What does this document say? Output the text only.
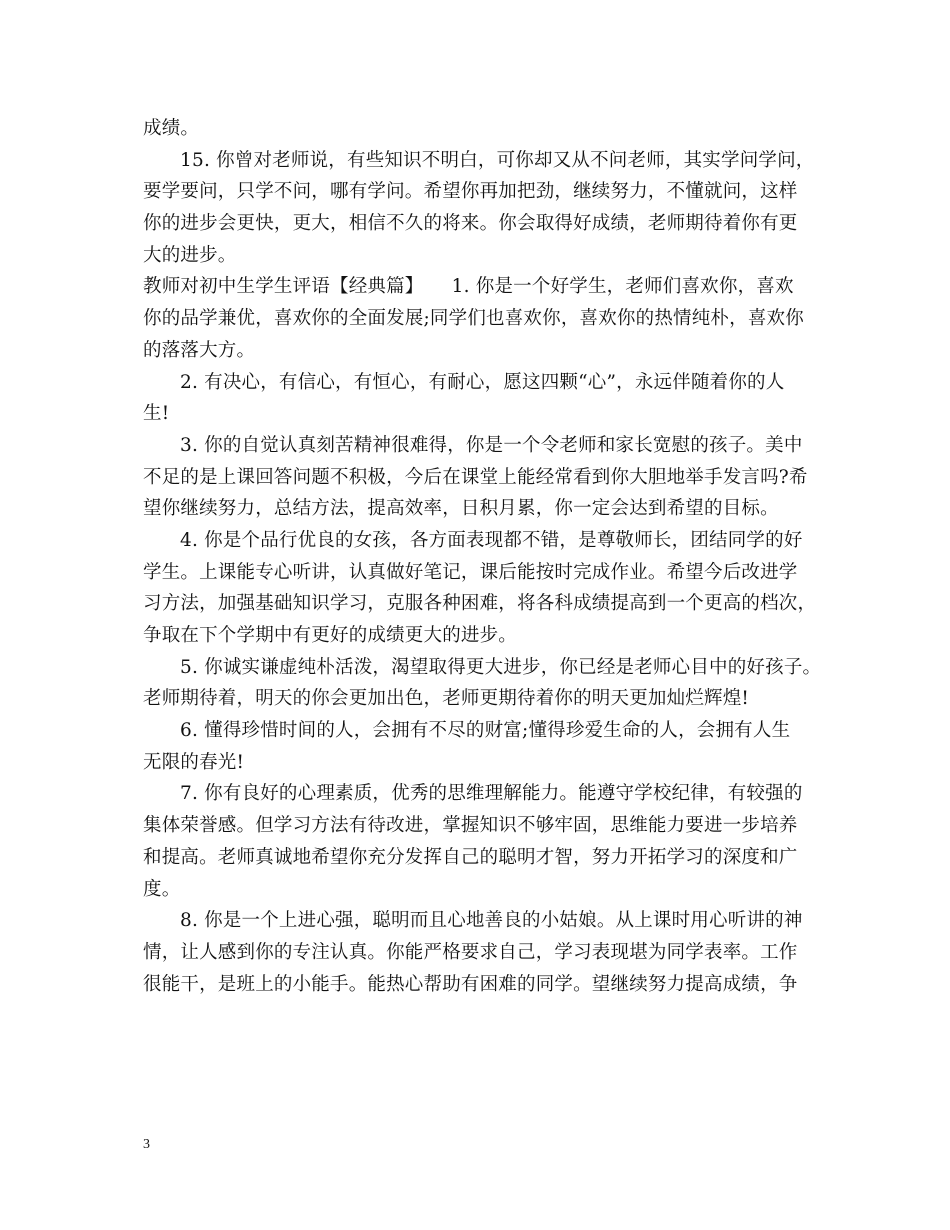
成绩。
15. 你曾对老师说，有些知识不明白，可你却又从不问老师，其实学问学问，
要学要问，只学不问，哪有学问。希望你再加把劲，继续努力，不懂就问，这样
你的进步会更快，更大，相信不久的将来。你会取得好成绩，老师期待着你有更
大的进步。
教师对初中生学生评语【经典篇】　　1. 你是一个好学生，老师们喜欢你，喜欢
你的品学兼优，喜欢你的全面发展;同学们也喜欢你，喜欢你的热情纯朴，喜欢你
的落落大方。
2. 有决心，有信心，有恒心，有耐心，愿这四颗“心”，永远伴随着你的人
生!
3. 你的自觉认真刻苦精神很难得，你是一个令老师和家长宽慰的孩子。美中
不足的是上课回答问题不积极，今后在课堂上能经常看到你大胆地举手发言吗?希
望你继续努力，总结方法，提高效率，日积月累，你一定会达到希望的目标。
4. 你是个品行优良的女孩，各方面表现都不错，是尊敬师长，团结同学的好
学生。上课能专心听讲，认真做好笔记，课后能按时完成作业。希望今后改进学
习方法，加强基础知识学习，克服各种困难，将各科成绩提高到一个更高的档次，
争取在下个学期中有更好的成绩更大的进步。
5. 你诚实谦虚纯朴活泼，渴望取得更大进步，你已经是老师心目中的好孩子。
老师期待着，明天的你会更加出色，老师更期待着你的明天更加灿烂辉煌!
6. 懂得珍惜时间的人，会拥有不尽的财富;懂得珍爱生命的人，会拥有人生
无限的春光!
7. 你有良好的心理素质，优秀的思维理解能力。能遵守学校纪律，有较强的
集体荣誉感。但学习方法有待改进，掌握知识不够牢固，思维能力要进一步培养
和提高。老师真诚地希望你充分发挥自己的聪明才智，努力开拓学习的深度和广
度。
8. 你是一个上进心强，聪明而且心地善良的小姑娘。从上课时用心听讲的神
情，让人感到你的专注认真。你能严格要求自己，学习表现堪为同学表率。工作
很能干，是班上的小能手。能热心帮助有困难的同学。望继续努力提高成绩，争
3
